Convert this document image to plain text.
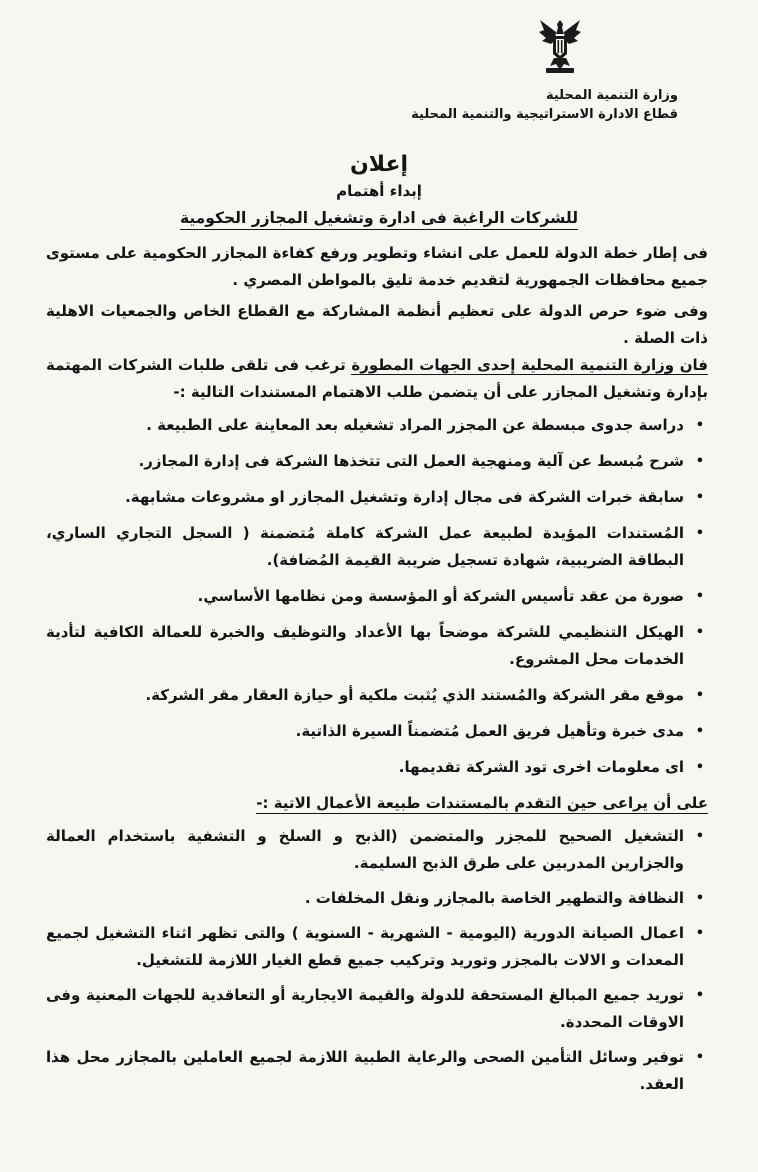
وزارة التنمية المحلية
قطاع الادارة الاستراتيجية والتنمية المحلية
إعلان
إبداء أهتمام
للشركات الراغبة فى ادارة وتشغيل المجازر الحكومية

فى إطار خطة الدولة للعمل على انشاء وتطوير ورفع كفاءة المجازر الحكومية على مستوى جميع محافظات الجمهورية لتقديم خدمة تليق بالمواطن المصري .

وفى ضوء حرص الدولة على تعظيم أنظمة المشاركة مع القطاع الخاص والجمعيات الاهلية ذات الصلة .

فان وزارة التنمية المحلية إحدى الجهات المطورة ترغب فى تلقى طلبات الشركات المهتمة بإدارة وتشغيل المجازر على أن يتضمن طلب الاهتمام المستندات التالية :-

•
دراسة جدوى مبسطة عن المجزر المراد تشغيله بعد المعاينة على الطبيعة .
•
شرح مُبسط عن آلية ومنهجية العمل التى تتخذها الشركة فى إدارة المجازر.
•
سابقة خبرات الشركة فى مجال إدارة وتشغيل المجازر او مشروعات مشابهة.
•
المُستندات المؤيدة لطبيعة عمل الشركة كاملة مُتضمنة ( السجل التجاري الساري، البطاقة الضريبية، شهادة تسجيل ضريبة القيمة المُضافة).
•
صورة من عقد تأسيس الشركة أو المؤسسة ومن نظامها الأساسي.
•
الهيكل التنظيمي للشركة موضحاً بها الأعداد والتوظيف والخبرة للعمالة الكافية لتأدية الخدمات محل المشروع.
•
موقع مقر الشركة والمُستند الذي يُثبت ملكية أو حيازة العقار مقر الشركة.
•
مدى خبرة وتأهيل فريق العمل مُتضمناً السيرة الذاتية.
•
اى معلومات اخرى تود الشركة تقديمها.

على أن يراعى حين التقدم بالمستندات طبيعة الأعمال الاتية :-

•
التشغيل الصحيح للمجزر والمتضمن (الذبح و السلخ و التشفية باستخدام العمالة والجزارين المدربين على طرق الذبح السليمة.
•
النظافة والتطهير الخاصة بالمجازر ونقل المخلفات .
•
اعمال الصيانة الدورية (اليومية - الشهرية - السنوية ) والتى تظهر اثناء التشغيل لجميع المعدات و الالات بالمجزر وتوريد وتركيب جميع قطع الغيار اللازمة للتشغيل.
•
توريد جميع المبالغ المستحقة للدولة والقيمة الايجارية أو التعاقدية للجهات المعنية وفى الاوقات المحددة.
•
توفير وسائل التأمين الصحى والرعاية الطبية اللازمة لجميع العاملين بالمجازر محل هذا العقد.
